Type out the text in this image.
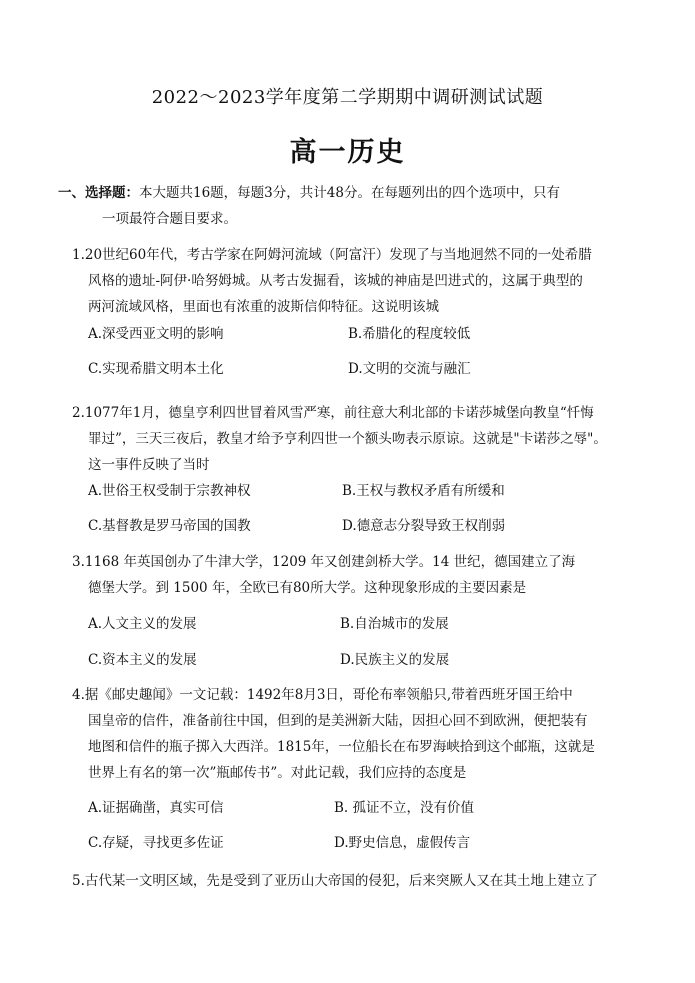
2022～2023学年度第二学期期中调研测试试题
高一历史
一、选择题：本大题共16题，每题3分，共计48分。在每题列出的四个选项中，只有
一项最符合题目要求。
1.20世纪60年代，考古学家在阿姆河流域（阿富汗）发现了与当地迥然不同的一处希腊
风格的遗址-阿伊·哈努姆城。从考古发掘看，该城的神庙是凹进式的，这属于典型的
两河流域风格，里面也有浓重的波斯信仰特征。这说明该城
A.深受西亚文明的影响	B.希腊化的程度较低
C.实现希腊文明本土化	D.文明的交流与融汇
2.1077年1月，德皇亨利四世冒着风雪严寒，前往意大利北部的卡诺莎城堡向教皇“忏悔
罪过”，三天三夜后，教皇才给予亨利四世一个额头吻表示原谅。这就是"卡诺莎之辱"。
这一事件反映了当时
A.世俗王权受制于宗教神权	B.王权与教权矛盾有所缓和
C.基督教是罗马帝国的国教	D.德意志分裂导致王权削弱
3.1168 年英国创办了牛津大学，1209 年又创建剑桥大学。14 世纪，德国建立了海
德堡大学。到 1500 年，全欧已有80所大学。这种现象形成的主要因素是
A.人文主义的发展	B.自治城市的发展
C.资本主义的发展	D.民族主义的发展
4.据《邮史趣闻》一文记载：1492年8月3日，哥伦布率领船只,带着西班牙国王给中
国皇帝的信件，准备前往中国，但到的是美洲新大陆，因担心回不到欧洲，便把装有
地图和信件的瓶子掷入大西洋。1815年，一位船长在布罗海峡拾到这个邮瓶，这就是
世界上有名的第一次”瓶邮传书”。对此记载，我们应持的态度是
A.证据确凿，真实可信	B. 孤证不立，没有价值
C.存疑，寻找更多佐证	D.野史信息，虚假传言
5.古代某一文明区域，先是受到了亚历山大帝国的侵犯，后来突厥人又在其土地上建立了
